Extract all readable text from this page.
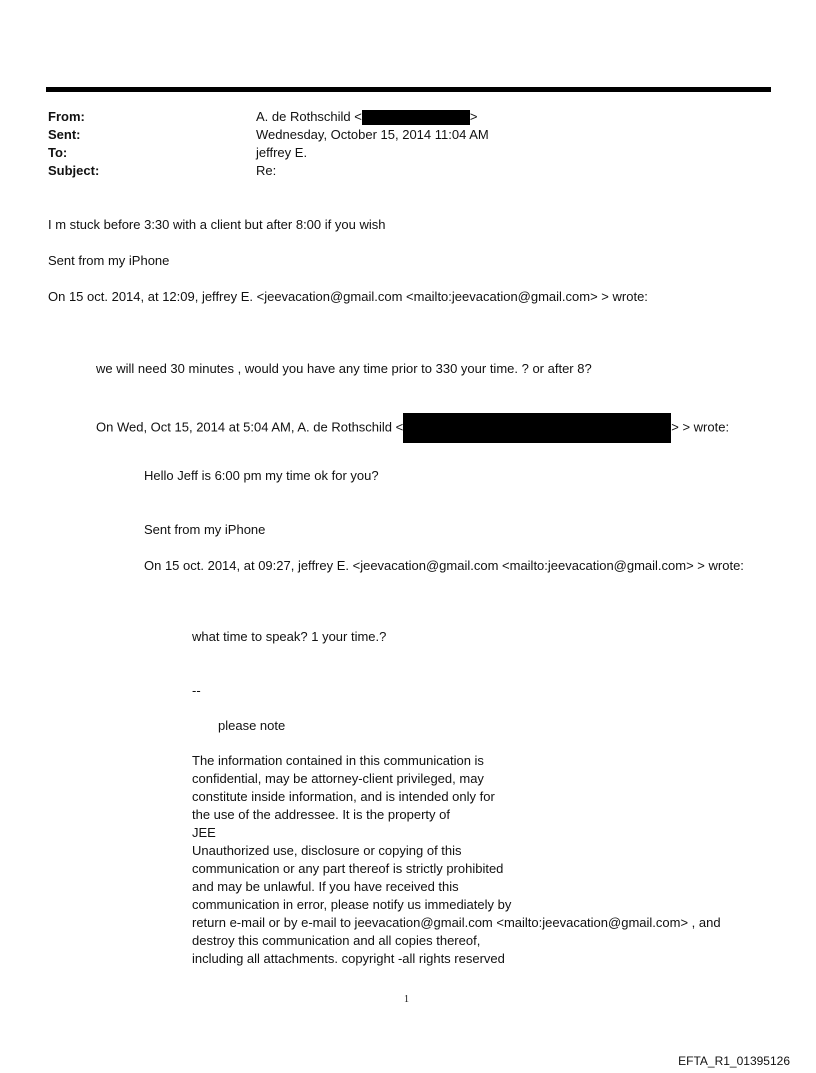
From:	A. de Rothschild <	>
Sent:	Wednesday, October 15, 2014 11:04 AM
To:	jeffrey E.
Subject:	Re:
I m stuck before 3:30 with a client but after 8:00 if you wish
Sent from my iPhone
On 15 oct. 2014, at 12:09, jeffrey E. <jeevacation@gmail.com <mailto:jeevacation@gmail.com> > wrote:
we will need 30 minutes , would you have any time prior to 330 your time. ? or after 8?
On Wed, Oct 15, 2014 at 5:04 AM, A. de Rothschild <	> > wrote:
Hello Jeff is 6:00 pm my time ok for you?
Sent from my iPhone
On 15 oct. 2014, at 09:27, jeffrey E. <jeevacation@gmail.com <mailto:jeevacation@gmail.com> > wrote:
what time to speak? 1 your time.?
--
please note
The information contained in this communication is
confidential, may be attorney-client privileged, may
constitute inside information, and is intended only for
the use of the addressee. It is the property of
JEE
Unauthorized use, disclosure or copying of this
communication or any part thereof is strictly prohibited
and may be unlawful. If you have received this
communication in error, please notify us immediately by
return e-mail or by e-mail to jeevacation@gmail.com <mailto:jeevacation@gmail.com> , and
destroy this communication and all copies thereof,
including all attachments. copyright -all rights reserved
1
EFTA_R1_01395126
